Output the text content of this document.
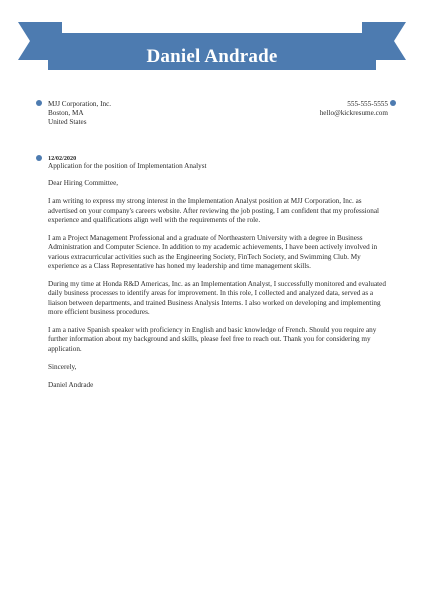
Daniel Andrade
MJJ Corporation, Inc.
Boston, MA
United States
555-555-5555
hello@kickresume.com
12/02/2020
Application for the position of Implementation Analyst

Dear Hiring Committee,

I am writing to express my strong interest in the Implementation Analyst position at MJJ Corporation, Inc. as advertised on your company's careers website. After reviewing the job posting, I am confident that my professional experience and qualifications align well with the requirements of the role.

I am a Project Management Professional and a graduate of Northeastern University with a degree in Business Administration and Computer Science. In addition to my academic achievements, I have been actively involved in various extracurricular activities such as the Engineering Society, FinTech Society, and Swimming Club. My experience as a Class Representative has honed my leadership and time management skills.

During my time at Honda R&D Americas, Inc. as an Implementation Analyst, I successfully monitored and evaluated daily business processes to identify areas for improvement. In this role, I collected and analyzed data, served as a liaison between departments, and trained Business Analysis Interns. I also worked on developing and implementing more efficient business procedures.

I am a native Spanish speaker with proficiency in English and basic knowledge of French. Should you require any further information about my background and skills, please feel free to reach out. Thank you for considering my application.

Sincerely,

Daniel Andrade
